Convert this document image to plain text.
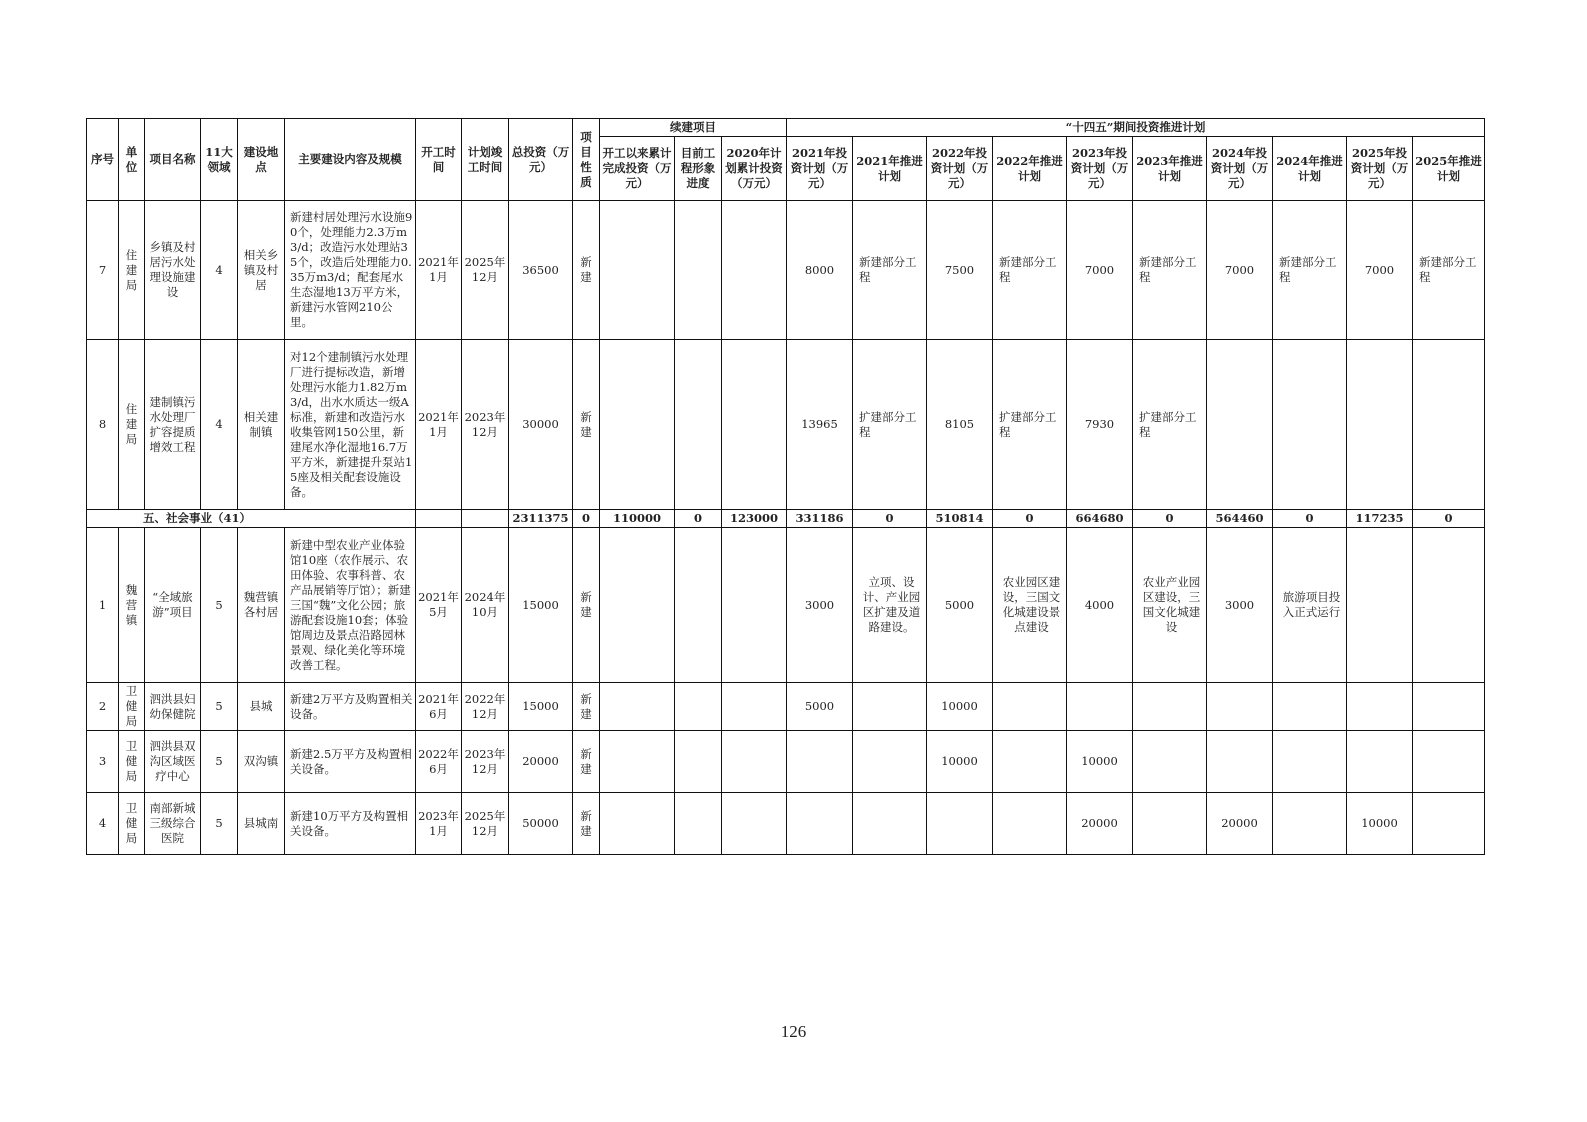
序号	单位	项目名称	11大领域	建设地点	主要建设内容及规模	开工时间	计划竣工时间	总投资（万元）	项目性质	续建项目			“十四五”期间投资推进计划									
										开工以来累计完成投资（万元）	目前工程形象进度	2020年计划累计投资（万元）	2021年投资计划（万元）	2021年推进计划	2022年投资计划（万元）	2022年推进计划	2023年投资计划（万元）	2023年推进计划	2024年投资计划（万元）	2024年推进计划	2025年投资计划（万元）	2025年推进计划
7	住建局	乡镇及村居污水处理设施建设	4	相关乡镇及村居	新建村居处理污水设施90个，处理能力2.3万m3/d；改造污水处理站35个，改造后处理能力0.35万m3/d；配套尾水生态湿地13万平方米，新建污水管网210公里。	2021年1月	2025年12月	36500	新建				8000	新建部分工程	7500	新建部分工程	7000	新建部分工程	7000	新建部分工程	7000	新建部分工程
8	住建局	建制镇污水处理厂扩容提质增效工程	4	相关建制镇	对12个建制镇污水处理厂进行提标改造，新增处理污水能力1.82万m3/d，出水水质达一级A标准，新建和改造污水收集管网150公里，新建尾水净化湿地16.7万平方米，新建提升泵站15座及相关配套设施设备。	2021年1月	2023年12月	30000	新建				13965	扩建部分工程	8105	扩建部分工程	7930	扩建部分工程				
五、社会事业（41）								2311375	0	110000	0	123000	331186	0	510814	0	664680	0	564460	0	117235	0
1	魏营镇	“全域旅游”项目	5	魏营镇各村居	新建中型农业产业体验馆10座（农作展示、农田体验、农事科普、农产品展销等厅馆）；新建三国“魏”文化公园；旅游配套设施10套；体验馆周边及景点沿路园林景观、绿化美化等环境改善工程。	2021年5月	2024年10月	15000	新建				3000	立项、设计、产业园区扩建及道路建设。	5000	农业园区建设，三国文化城建设景点建设	4000	农业产业园区建设，三国文化城建设	3000	旅游项目投入正式运行		
2	卫健局	泗洪县妇幼保健院	5	县城	新建2万平方及购置相关设备。	2021年6月	2022年12月	15000	新建				5000		10000							
3	卫健局	泗洪县双沟区域医疗中心	5	双沟镇	新建2.5万平方及构置相关设备。	2022年6月	2023年12月	20000	新建						10000		10000					
4	卫健局	南部新城三级综合医院	5	县城南	新建10万平方及构置相关设备。	2023年1月	2025年12月	50000	新建								20000		20000		10000	
126
